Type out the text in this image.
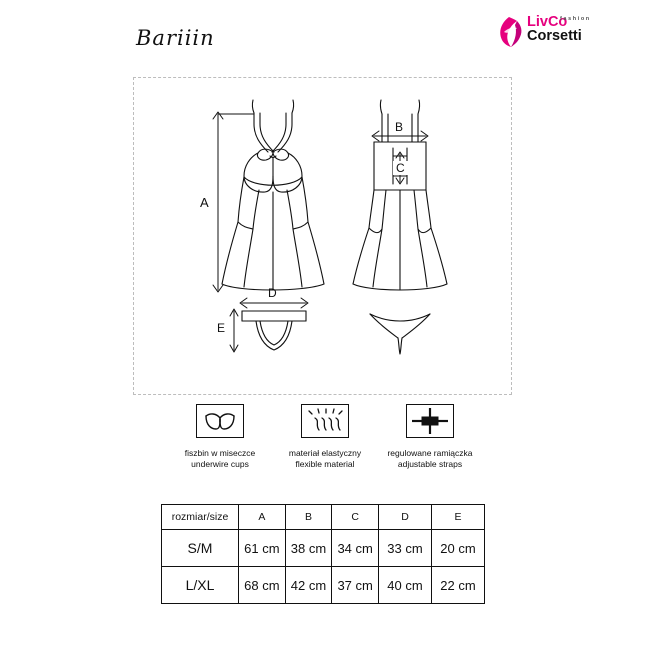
Bariiin
LivCo
fashion
Corsetti
A
B
C
D
E
fiszbin w miseczce
underwire cups
materiał elastyczny
flexible material
regulowane ramiączka
adjustable straps
rozmiar/size	A	B	C	D	E
S/M	61 cm	38 cm	34 cm	33 cm	20 cm
L/XL	68 cm	42 cm	37 cm	40 cm	22 cm
